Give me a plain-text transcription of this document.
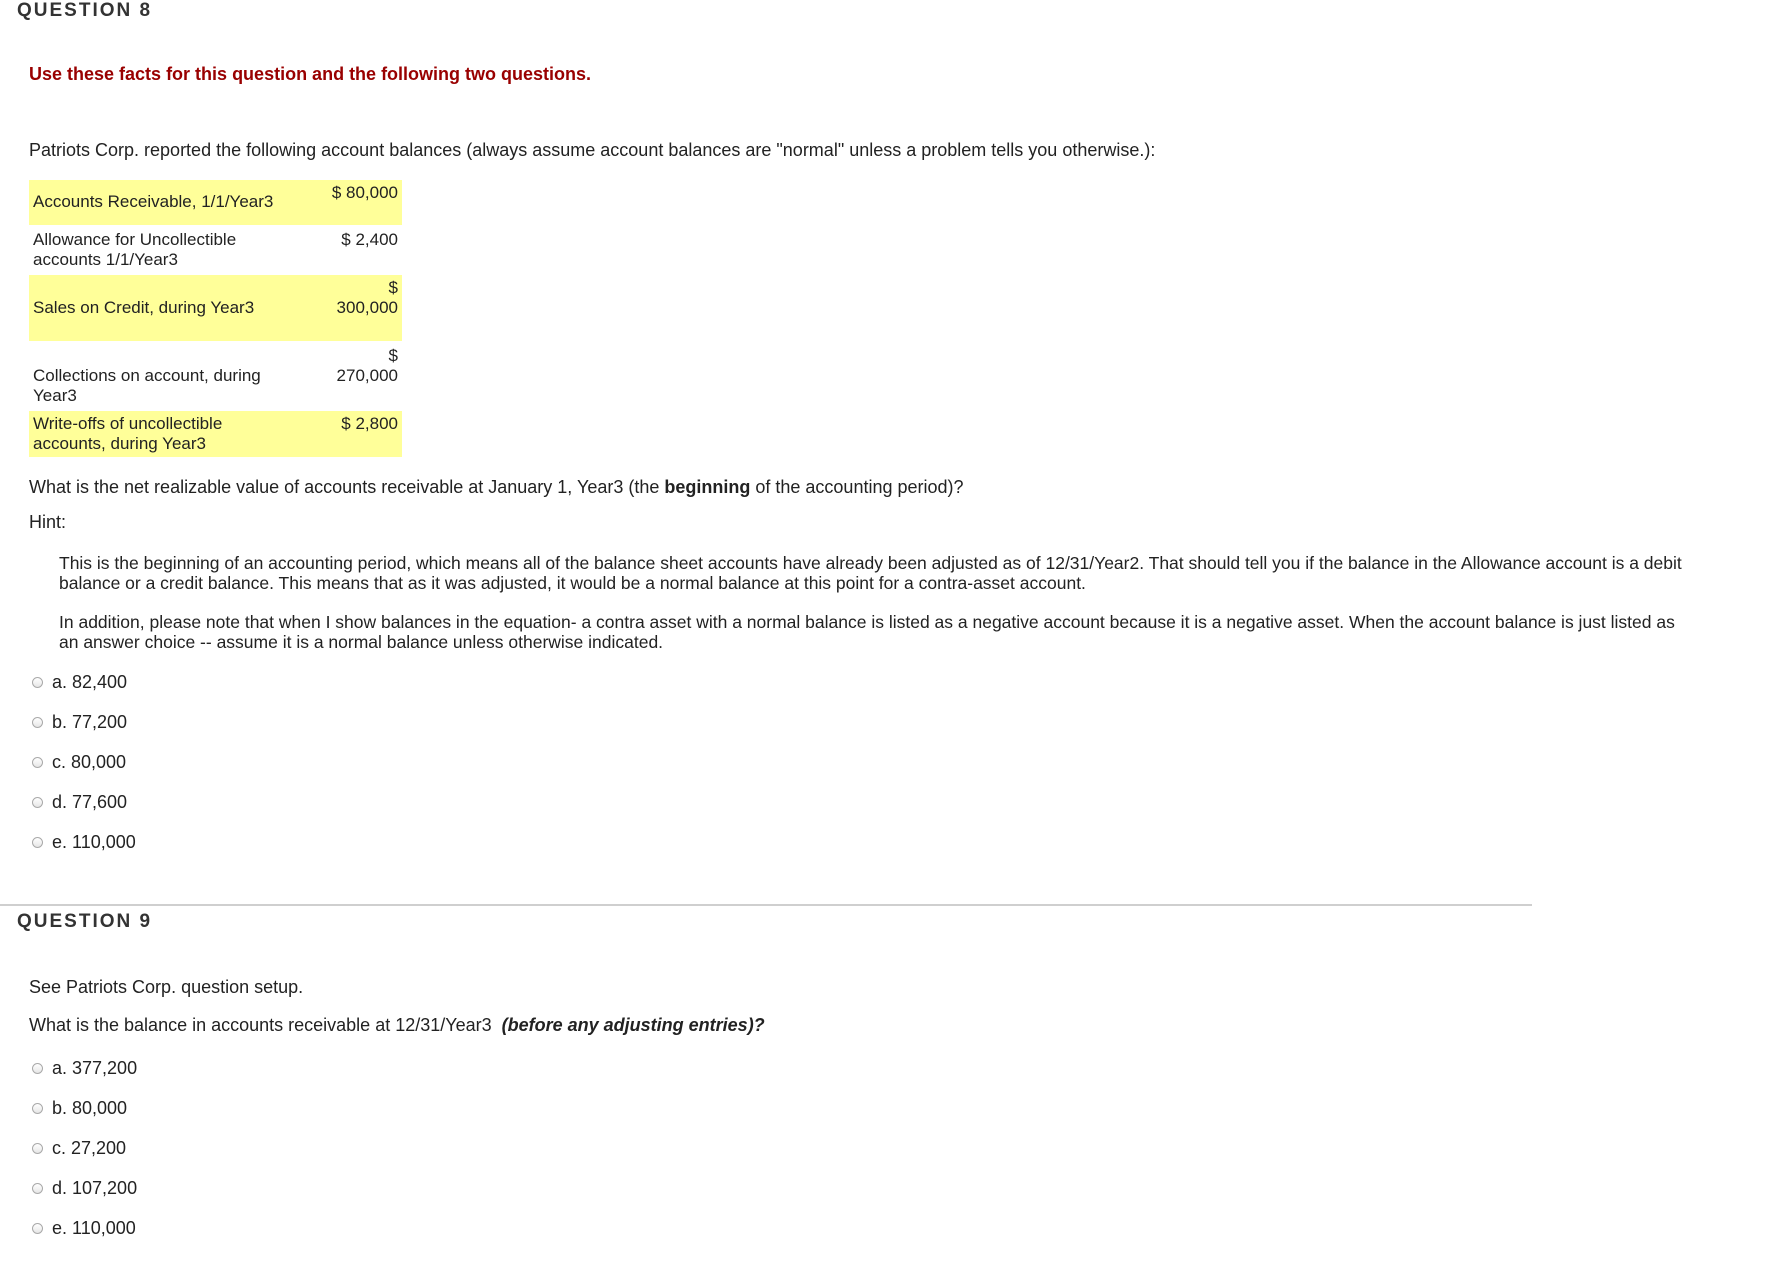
QUESTION 8
Use these facts for this question and the following two questions.
Patriots Corp. reported the following account balances (always assume account balances are "normal" unless a problem tells you otherwise.):
Accounts Receivable, 1/1/Year3	$ 80,000
Allowance for Uncollectible accounts 1/1/Year3
$ 2,400
Sales on Credit, during Year3
$
300,000
Collections on account, during Year3
$
270,000
Write-offs of uncollectible accounts, during Year3
$ 2,800
What is the net realizable value of accounts receivable at January 1, Year3 (the beginning of the accounting period)?
Hint:
This is the beginning of an accounting period, which means all of the balance sheet accounts have already been adjusted as of 12/31/Year2. That should tell you if the balance in the Allowance account is a debit balance or a credit balance. This means that as it was adjusted, it would be a normal balance at this point for a contra-asset account.
In addition, please note that when I show balances in the equation- a contra asset with a normal balance is listed as a negative account because it is a negative asset. When the account balance is just listed as an answer choice -- assume it is a normal balance unless otherwise indicated.
a. 82,400
b. 77,200
c. 80,000
d. 77,600
e. 110,000
QUESTION 9
See Patriots Corp. question setup.
What is the balance in accounts receivable at 12/31/Year3  (before any adjusting entries)?
a. 377,200
b. 80,000
c. 27,200
d. 107,200
e. 110,000
